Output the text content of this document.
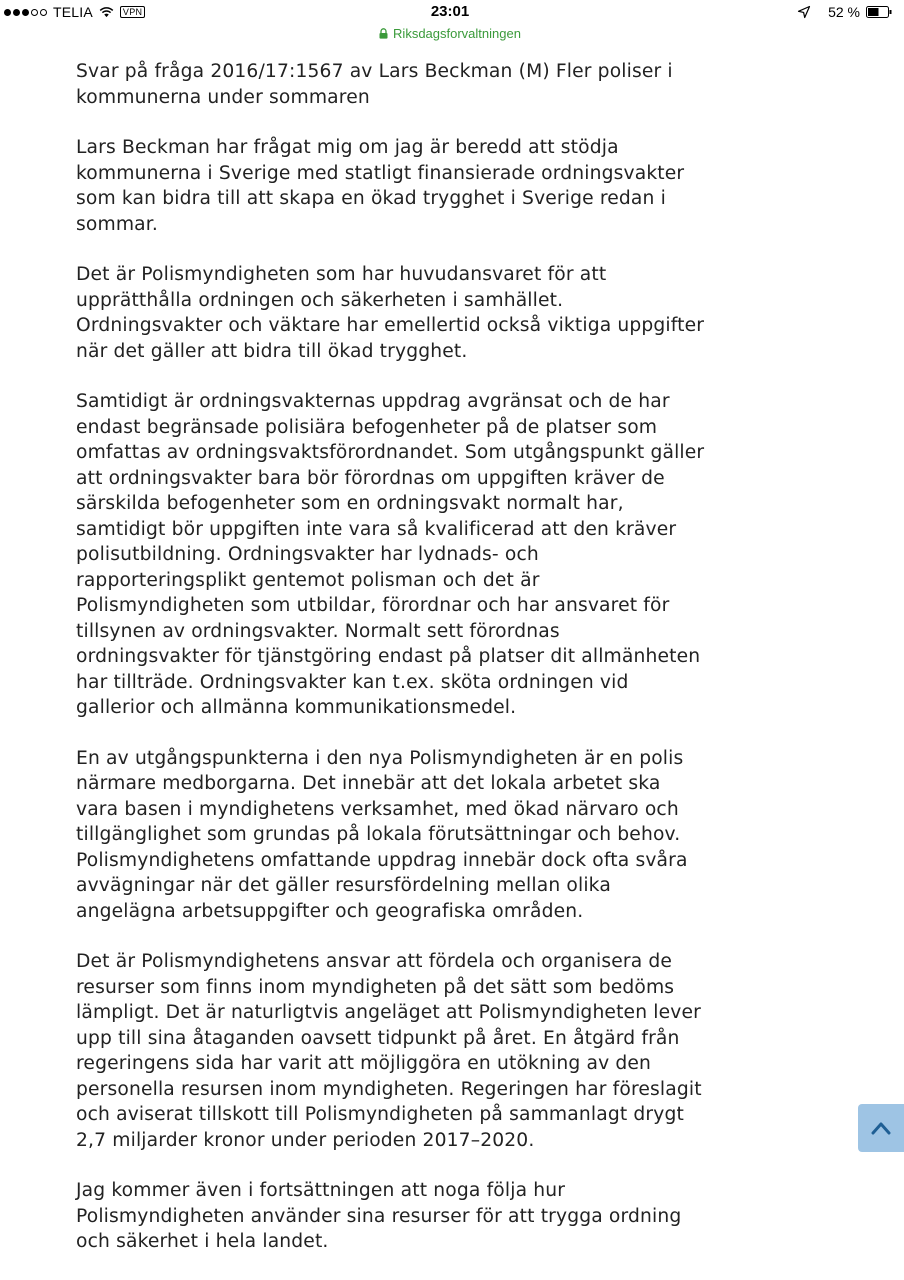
TELIA	VPN	23:01	52 %
Riksdagsforvaltningen

Svar på fråga 2016/17:1567 av Lars Beckman (M) Fler poliser i kommunerna under sommaren

Lars Beckman har frågat mig om jag är beredd att stödja kommunerna i Sverige med statligt finansierade ordningsvakter som kan bidra till att skapa en ökad trygghet i Sverige redan i sommar.

Det är Polismyndigheten som har huvudansvaret för att upprätthålla ordningen och säkerheten i samhället. Ordningsvakter och väktare har emellertid också viktiga uppgifter när det gäller att bidra till ökad trygghet.

Samtidigt är ordningsvakternas uppdrag avgränsat och de har endast begränsade polisiära befogenheter på de platser som omfattas av ordningsvaktsförordnandet. Som utgångspunkt gäller att ordningsvakter bara bör förordnas om uppgiften kräver de särskilda befogenheter som en ordningsvakt normalt har, samtidigt bör uppgiften inte vara så kvalificerad att den kräver polisutbildning. Ordningsvakter har lydnads- och rapporteringsplikt gentemot polisman och det är Polismyndigheten som utbildar, förordnar och har ansvaret för tillsynen av ordningsvakter. Normalt sett förordnas ordningsvakter för tjänstgöring endast på platser dit allmänheten har tillträde. Ordningsvakter kan t.ex. sköta ordningen vid gallerior och allmänna kommunikationsmedel.

En av utgångspunkterna i den nya Polismyndigheten är en polis närmare medborgarna. Det innebär att det lokala arbetet ska vara basen i myndighetens verksamhet, med ökad närvaro och tillgänglighet som grundas på lokala förutsättningar och behov. Polismyndighetens omfattande uppdrag innebär dock ofta svåra avvägningar när det gäller resursfördelning mellan olika angelägna arbetsuppgifter och geografiska områden.

Det är Polismyndighetens ansvar att fördela och organisera de resurser som finns inom myndigheten på det sätt som bedöms lämpligt. Det är naturligtvis angeläget att Polismyndigheten lever upp till sina åtaganden oavsett tidpunkt på året. En åtgärd från regeringens sida har varit att möjliggöra en utökning av den personella resursen inom myndigheten. Regeringen har föreslagit och aviserat tillskott till Polismyndigheten på sammanlagt drygt 2,7 miljarder kronor under perioden 2017–2020.

Jag kommer även i fortsättningen att noga följa hur Polismyndigheten använder sina resurser för att trygga ordning och säkerhet i hela landet.
